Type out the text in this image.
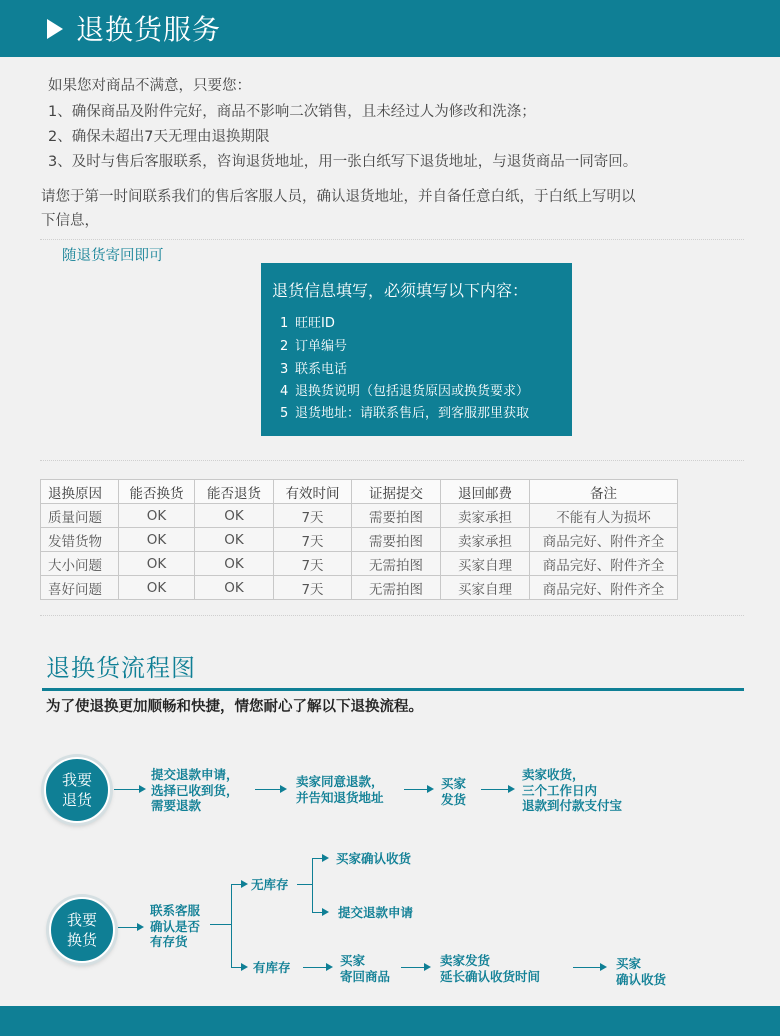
退换货服务
如果您对商品不满意，只要您：
1、确保商品及附件完好，商品不影响二次销售，且未经过人为修改和洗涤；
2、确保未超出7天无理由退换期限
3、及时与售后客服联系，咨询退货地址，用一张白纸写下退货地址，与退货商品一同寄回。
请您于第一时间联系我们的售后客服人员，确认退货地址，并自备任意白纸，于白纸上写明以
下信息，
随退货寄回即可
退货信息填写，必须填写以下内容：
1 旺旺ID
2 订单编号
3 联系电话
4 退换货说明（包括退货原因或换货要求）
5 退货地址：请联系售后，到客服那里获取
退换原因	能否换货	能否退货	有效时间	证据提交	退回邮费	备注
质量问题	OK	OK	7天	需要拍图	卖家承担	不能有人为损坏
发错货物	OK	OK	7天	需要拍图	卖家承担	商品完好、附件齐全
大小问题	OK	OK	7天	无需拍图	买家自理	商品完好、附件齐全
喜好问题	OK	OK	7天	无需拍图	买家自理	商品完好、附件齐全
退换货流程图
为了使退换更加顺畅和快捷，情您耐心了解以下退换流程。
我要
退货
提交退款申请，
选择已收到货，
需要退款
卖家同意退款，
并告知退货地址
买家
发货
卖家收货，
三个工作日内
退款到付款支付宝
我要
换货
联系客服
确认是否
有存货
无库存
买家确认收货
提交退款申请
有库存	买家
寄回商品
卖家发货
延长确认收货时间
买家
确认收货
